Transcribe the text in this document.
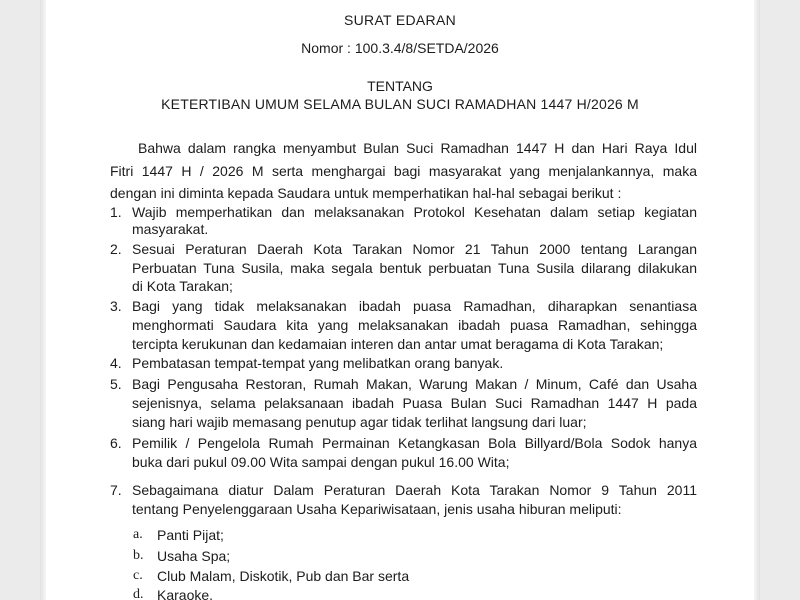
SURAT EDARAN
Nomor : 100.3.4/8/SETDA/2026
TENTANG
KETERTIBAN UMUM SELAMA BULAN SUCI RAMADHAN 1447 H/2026 M
Bahwa dalam rangka menyambut Bulan Suci Ramadhan 1447 H dan Hari Raya Idul
Fitri 1447 H / 2026 M serta menghargai bagi masyarakat yang menjalankannya, maka
dengan ini diminta kepada Saudara untuk memperhatikan hal-hal sebagai berikut :
1. Wajib memperhatikan dan melaksanakan Protokol Kesehatan dalam setiap kegiatan
masyarakat.
2. Sesuai Peraturan Daerah Kota Tarakan Nomor 21 Tahun 2000 tentang Larangan
Perbuatan Tuna Susila, maka segala bentuk perbuatan Tuna Susila dilarang dilakukan
di Kota Tarakan;
3. Bagi yang tidak melaksanakan ibadah puasa Ramadhan, diharapkan senantiasa
menghormati Saudara kita yang melaksanakan ibadah puasa Ramadhan, sehingga
tercipta kerukunan dan kedamaian interen dan antar umat beragama di Kota Tarakan;
4. Pembatasan tempat-tempat yang melibatkan orang banyak.
5. Bagi Pengusaha Restoran, Rumah Makan, Warung Makan / Minum, Café dan Usaha
sejenisnya, selama pelaksanaan ibadah Puasa Bulan Suci Ramadhan 1447 H pada
siang hari wajib memasang penutup agar tidak terlihat langsung dari luar;
6. Pemilik / Pengelola Rumah Permainan Ketangkasan Bola Billyard/Bola Sodok hanya
buka dari pukul 09.00 Wita sampai dengan pukul 16.00 Wita;
7. Sebagaimana diatur Dalam Peraturan Daerah Kota Tarakan Nomor 9 Tahun 2011
tentang Penyelenggaraan Usaha Kepariwisataan, jenis usaha hiburan meliputi:
a. Panti Pijat;
b. Usaha Spa;
c. Club Malam, Diskotik, Pub dan Bar serta
d. Karaoke.
